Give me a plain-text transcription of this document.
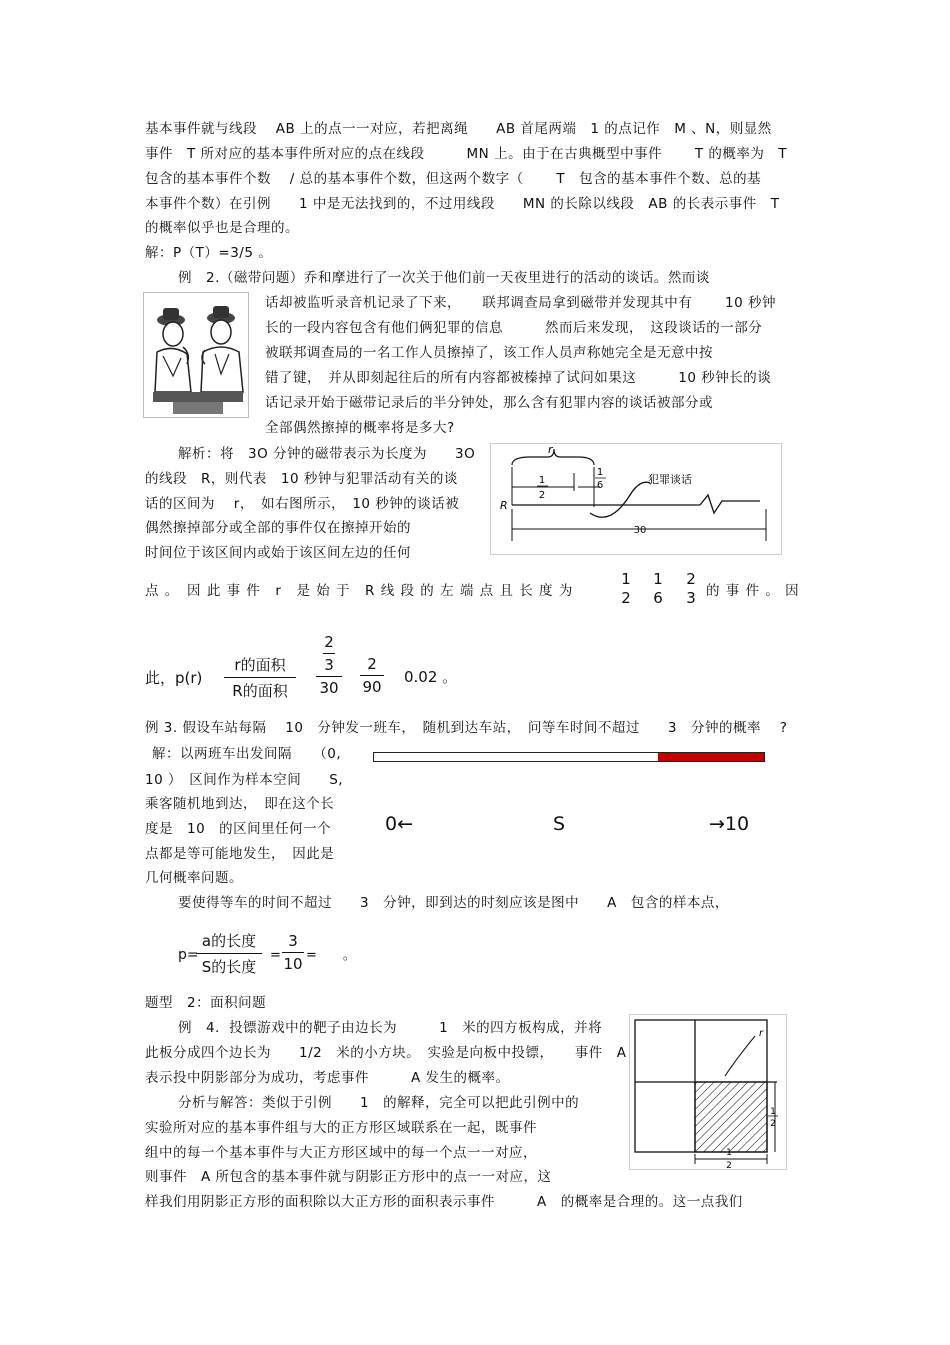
基本事件就与线段　 AB 上的点一一对应，若把离绳　　AB 首尾两端　1 的点记作　M 、N，则显然
事件　T 所对应的基本事件所对应的点在线段　　　MN 上。由于在古典概型中事件　　 T 的概率为　T
包含的基本事件个数　 / 总的基本事件个数，但这两个数字（　　 T　包含的基本事件个数、总的基
本事件个数）在引例　　1 中是无法找到的，不过用线段　　MN 的长除以线段　AB 的长表示事件　T
的概率似乎也是合理的。
解：P（T）=3/5 。
例　2.（磁带问题）乔和摩进行了一次关于他们前一天夜里进行的活动的谈话。然而谈
话却被监听录音机记录了下来，　　联邦调查局拿到磁带并发现其中有　　 10 秒钟
长的一段内容包含有他们俩犯罪的信息　　　然而后来发现，　这段谈话的一部分
被联邦调查局的一名工作人员擦掉了，该工作人员声称她完全是无意中按
错了键，　并从即刻起往后的所有内容都被榛掉了试问如果这　　　10 秒钟长的谈
话记录开始于磁带记录后的半分钟处，那么含有犯罪内容的谈话被部分或
全部偶然擦掉的概率将是多大?
解析：将　3O 分钟的磁带表示为长度为　　3O
的线段　R，则代表　10 秒钟与犯罪活动有关的谈
话的区间为　 r，　如右图所示，　10 秒钟的谈话被
偶然擦掉部分或全部的事件仅在擦掉开始的
时间位于该区间内或始于该区间左边的任何
r
1
2
1
6	犯罪谈话
R
30
点 。　因 此 事 件　r　是 始 于　R 线 段 的 左 端 点 且 长 度 为
1
2
1
6
2
3 的 事 件 。 因
此，p(r)
r的面积
R的面积
2
3
30
2
90
0.02 。
例 3. 假设车站每隔　 10　分钟发一班车，　随机到达车站，　问等车时间不超过　　3　分钟的概率　 ?
解：以两班车出发间隔　　（0,
10 ）　区间作为样本空间　　S,
乘客随机地到达，　即在这个长
度是　10　的区间里任何一个
点都是等可能地发生，　因此是
几何概率问题。
0←	S	→10
要使得等车的时间不超过　　3　分钟，即到达的时刻应该是图中　　A　包含的样本点，
p=
a的长度
S的长度
=
3
10 =　　。
题型　2：面积问题
例　4．投镖游戏中的靶子由边长为　　　1　米的四方板构成，并将
此板分成四个边长为　　1/2　米的小方块。　实验是向板中投镖，　　事件　A
表示投中阴影部分为成功，考虑事件　　　A 发生的概率。
分析与解答：类似于引例　　1　的解释，完全可以把此引例中的
实验所对应的基本事件组与大的正方形区域联系在一起，既事件
组中的每一个基本事件与大正方形区域中的每一个点一一对应，
则事件　A 所包含的基本事件就与阴影正方形中的点一一对应，这
样我们用阴影正方形的面积除以大正方形的面积表示事件　　　A　的概率是合理的。这一点我们
r
1
2
1
2
